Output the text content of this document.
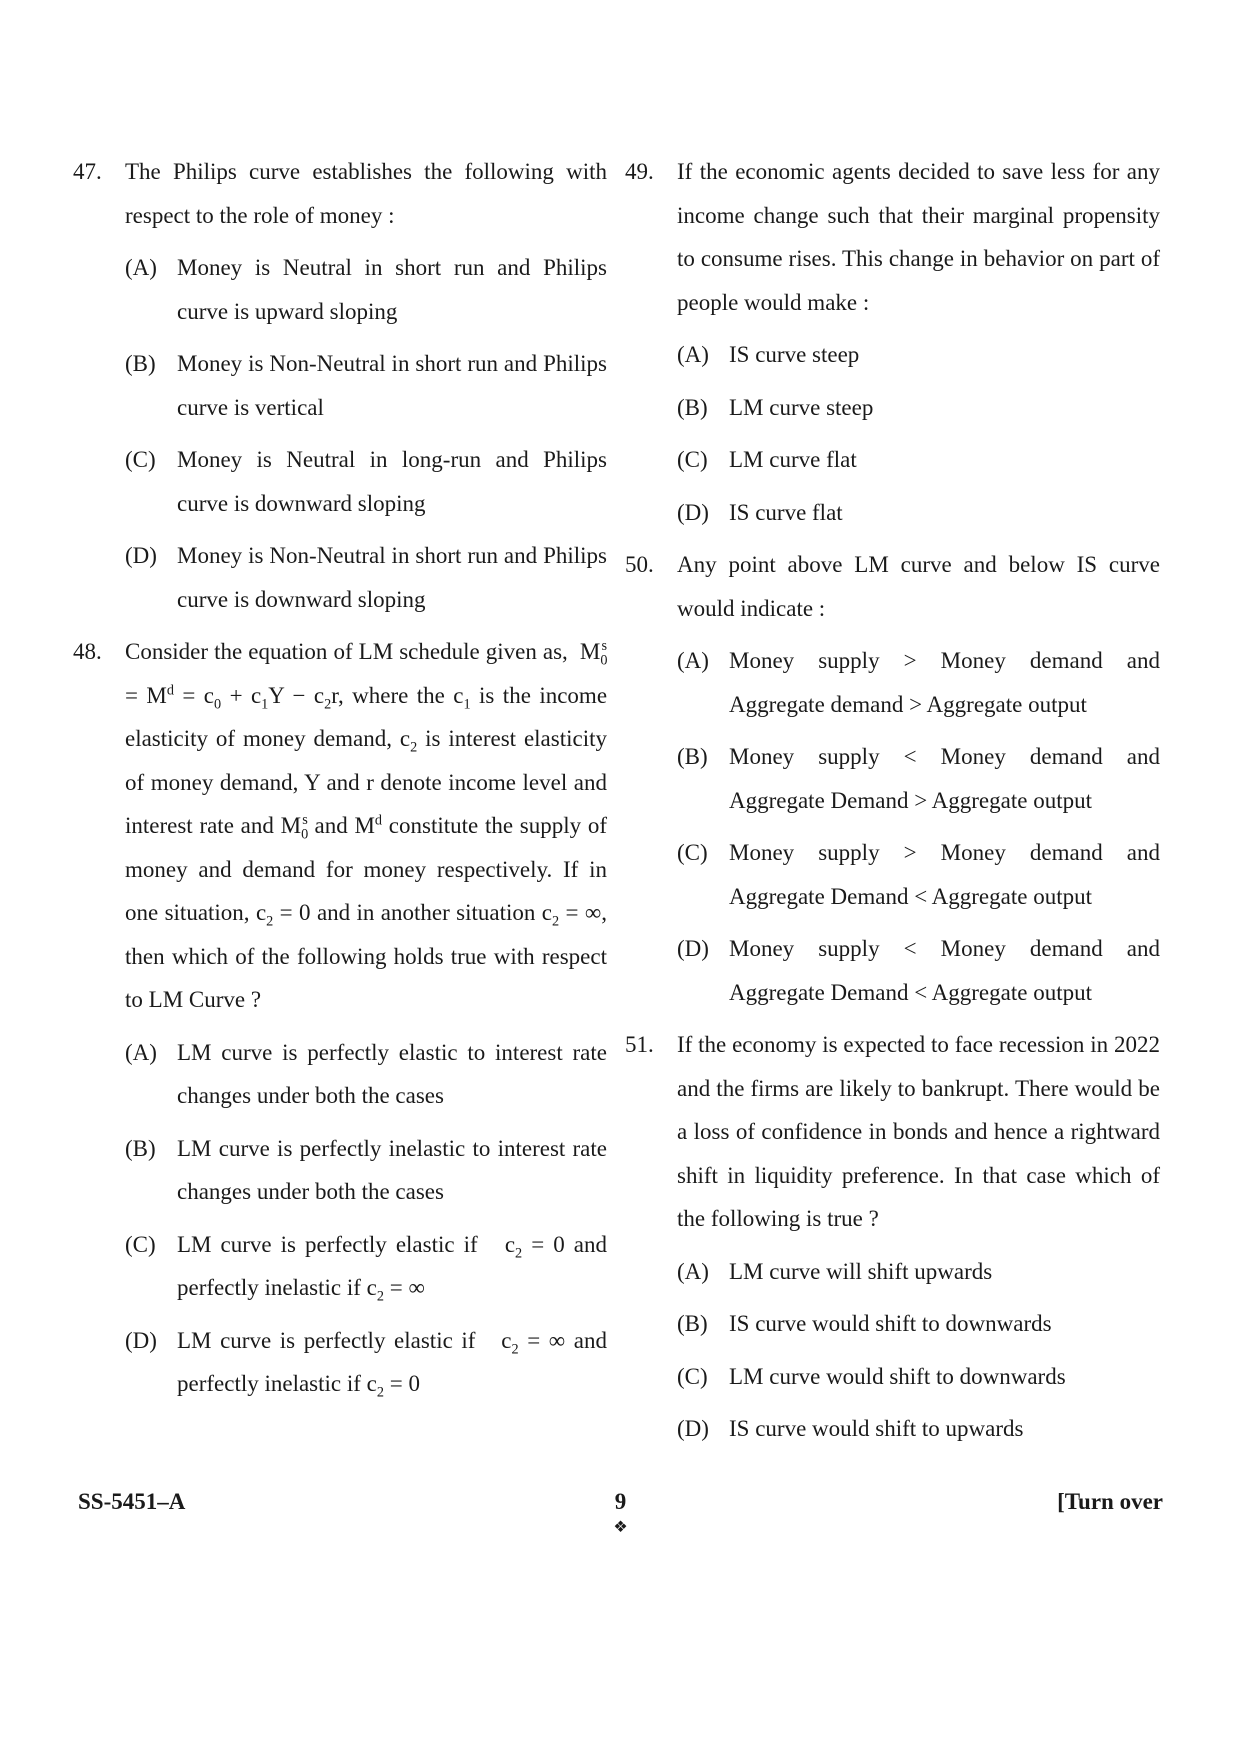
47. The Philips curve establishes the following with respect to the role of money :
(A) Money is Neutral in short run and Philips curve is upward sloping
(B) Money is Non-Neutral in short run and Philips curve is vertical
(C) Money is Neutral in long-run and Philips curve is downward sloping
(D) Money is Non-Neutral in short run and Philips curve is downward sloping
48. Consider the equation of LM schedule given as,  $M_0^s = M^d = c_0 + c_1Y - c_2r$, where the $c_1$ is the income elasticity of money demand, $c_2$ is interest elasticity of money demand, Y and r denote income level and interest rate and $M_0^s$ and $M^d$ constitute the supply of money and demand for money respectively. If in one situation, $c_2 = 0$ and in another situation $c_2$ = ∞, then which of the following holds true with respect to LM Curve ?
(A) LM curve is perfectly elastic to interest rate changes under both the cases
(B) LM curve is perfectly inelastic to interest rate changes under both the cases
(C) LM curve is perfectly elastic if $c_2 = 0$ and perfectly inelastic if $c_2$ = ∞
(D) LM curve is perfectly elastic if $c_2$ = ∞ and perfectly inelastic if $c_2 = 0$
49. If the economic agents decided to save less for any income change such that their marginal propensity to consume rises. This change in behavior on part of people would make :
(A) IS curve steep
(B) LM curve steep
(C) LM curve flat
(D) IS curve flat
50. Any point above LM curve and below IS curve would indicate :
(A) Money supply > Money demand and Aggregate demand > Aggregate output
(B) Money supply < Money demand and Aggregate Demand > Aggregate output
(C) Money supply > Money demand and Aggregate Demand < Aggregate output
(D) Money supply < Money demand and Aggregate Demand < Aggregate output
51. If the economy is expected to face recession in 2022 and the firms are likely to bankrupt. There would be a loss of confidence in bonds and hence a rightward shift in liquidity preference. In that case which of the following is true ?
(A) LM curve will shift upwards
(B) IS curve would shift to downwards
(C) LM curve would shift to downwards
(D) IS curve would shift to upwards
SS-5451–A	9
❖
[Turn over
